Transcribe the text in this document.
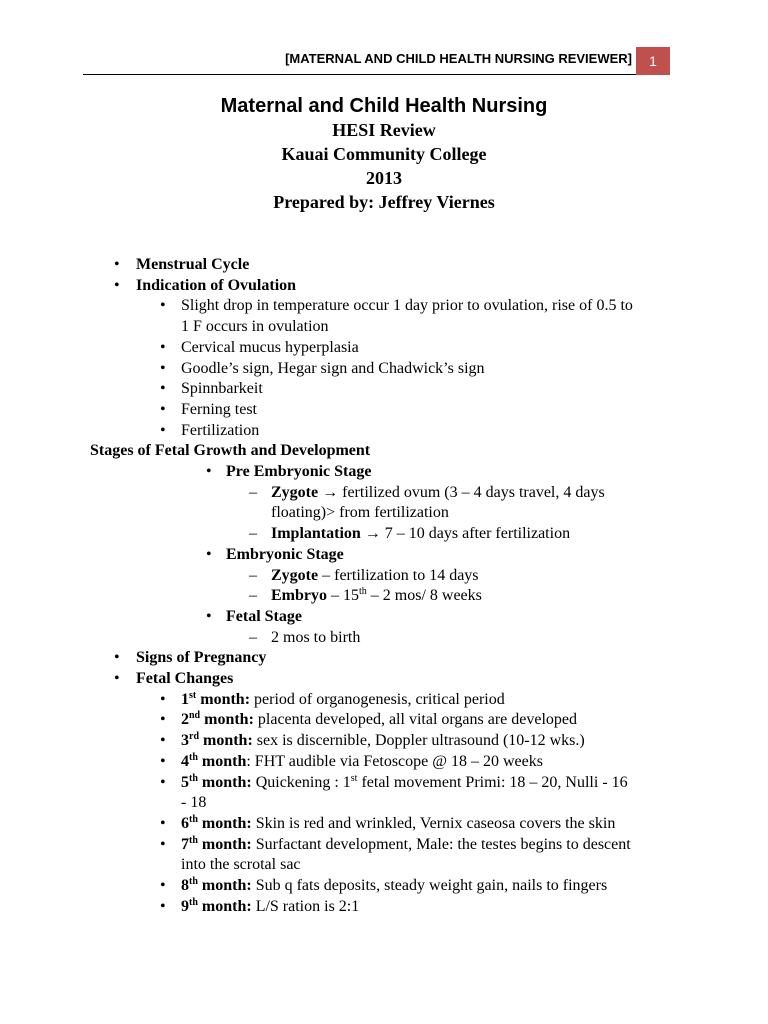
[MATERNAL AND CHILD HEALTH NURSING REVIEWER]	1

Maternal and Child Health Nursing

HESI Review

Kauai Community College

2013

Prepared by: Jeffrey Viernes

• Menstrual Cycle
• Indication of Ovulation
• Slight drop in temperature occur 1 day prior to ovulation, rise of 0.5 to
1 F occurs in ovulation
• Cervical mucus hyperplasia
• Goodle’s sign, Hegar sign and Chadwick’s sign
• Spinnbarkeit
• Ferning test
• Fertilization
Stages of Fetal Growth and Development
• Pre Embryonic Stage
– Zygote → fertilized ovum (3 – 4 days travel, 4 days
floating)> from fertilization
– Implantation → 7 – 10 days after fertilization
• Embryonic Stage
– Zygote – fertilization to 14 days
– Embryo – 15th – 2 mos/ 8 weeks
• Fetal Stage
– 2 mos to birth
• Signs of Pregnancy
• Fetal Changes
• 1st month: period of organogenesis, critical period
• 2nd month: placenta developed, all vital organs are developed
• 3rd month: sex is discernible, Doppler ultrasound (10-12 wks.)
• 4th month: FHT audible via Fetoscope @ 18 – 20 weeks
• 5th month: Quickening : 1st fetal movement Primi: 18 – 20, Nulli - 16
- 18
• 6th month: Skin is red and wrinkled, Vernix caseosa covers the skin
• 7th month: Surfactant development, Male: the testes begins to descent
into the scrotal sac
• 8th month: Sub q fats deposits, steady weight gain, nails to fingers
• 9th month: L/S ration is 2:1
